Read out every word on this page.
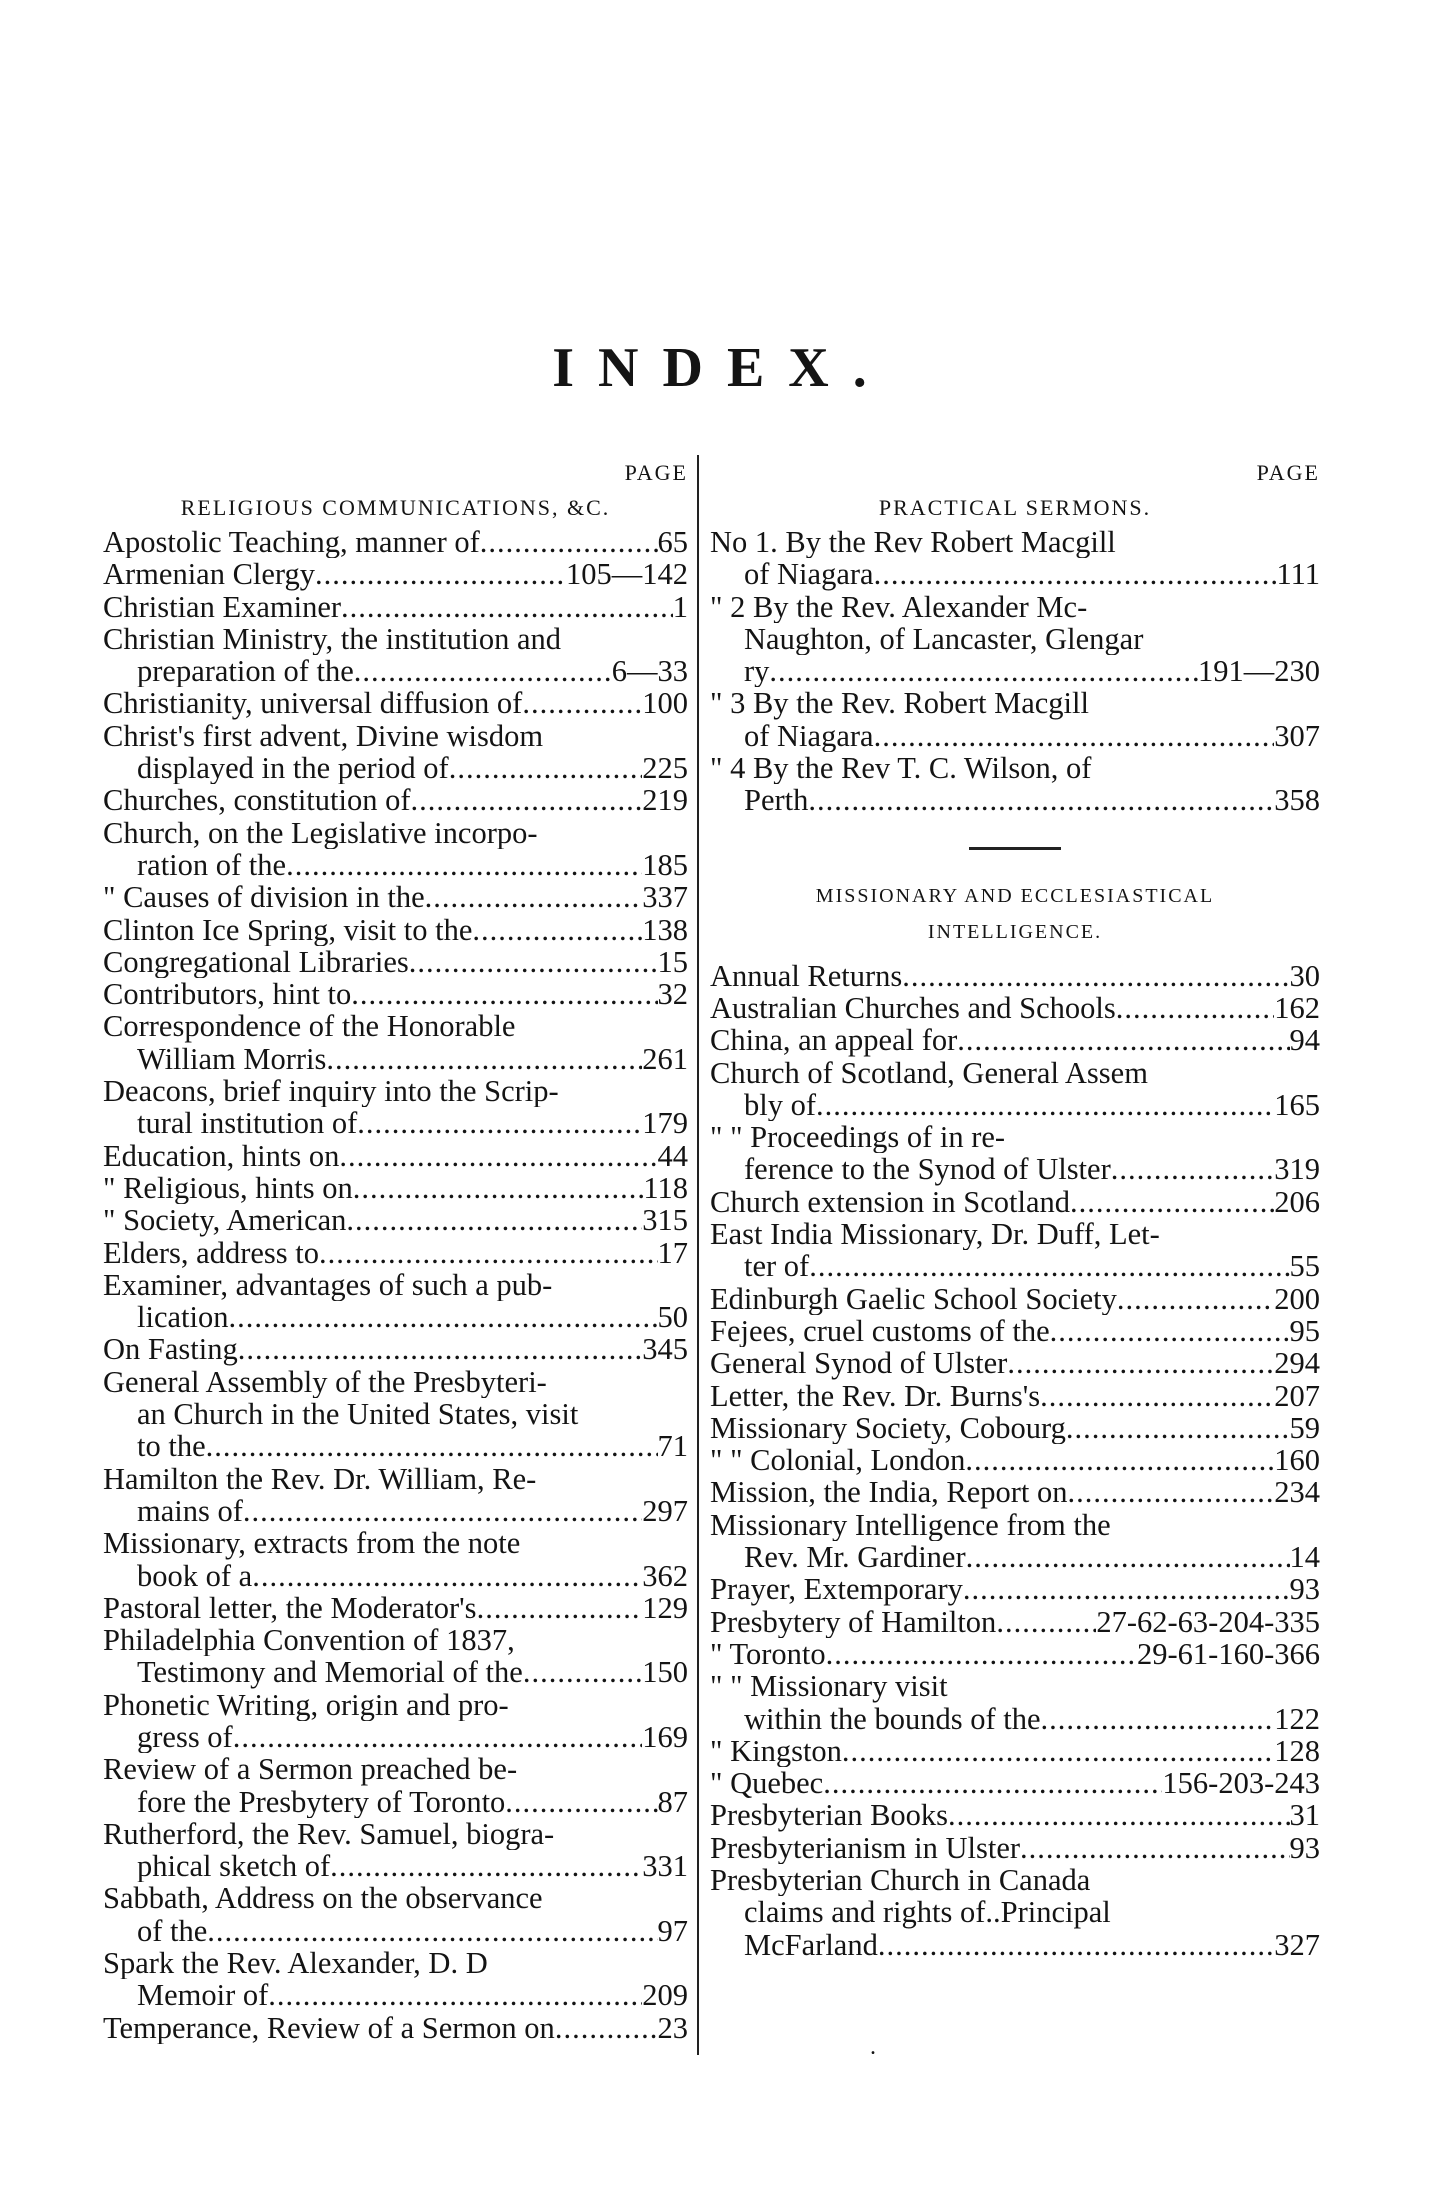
INDEX.
PAGE
RELIGIOUS COMMUNICATIONS, &C.
Apostolic Teaching, manner of .....	65
Armenian Clergy .....	105—142
Christian Examiner .....	1
Christian Ministry, the institution and
preparation of the .....	6—33
Christianity, universal diffusion of .....	100
Christ's first advent, Divine wisdom
displayed in the period of .....	225
Churches, constitution of .....	219
Church, on the Legislative incorpo-
ration of the .....	185
" Causes of division in the .....	337
Clinton Ice Spring, visit to the .....	138
Congregational Libraries .....	15
Contributors, hint to .....	32
Correspondence of the Honorable
William Morris .....	261
Deacons, brief inquiry into the Scrip-
tural institution of .....	179
Education, hints on .....	44
" Religious, hints on .....	118
" Society, American .....	315
Elders, address to .....	17
Examiner, advantages of such a pub-
lication .....	50
On Fasting .....	345
General Assembly of the Presbyteri-
an Church in the United States, visit
to the .....	71
Hamilton the Rev. Dr. William, Re-
mains of .....	297
Missionary, extracts from the note
book of a .....	362
Pastoral letter, the Moderator's .....	129
Philadelphia Convention of 1837,
Testimony and Memorial of the .....	150
Phonetic Writing, origin and pro-
gress of .....	169
Review of a Sermon preached be-
fore the Presbytery of Toronto .....	87
Rutherford, the Rev. Samuel, biogra-
phical sketch of .....	331
Sabbath, Address on the observance
of the .....	97
Spark the Rev. Alexander, D. D
Memoir of .....	209
Temperance, Review of a Sermon on .....	23
PAGE
PRACTICAL SERMONS.
No 1. By the Rev Robert Macgill
of Niagara .....	111
" 2 By the Rev. Alexander Mc-
Naughton, of Lancaster, Glengar
ry .....	191—230
" 3 By the Rev. Robert Macgill
of Niagara .....	307
" 4 By the Rev T. C. Wilson, of
Perth .....	358
MISSIONARY AND ECCLESIASTICAL
INTELLIGENCE.
Annual Returns .....	30
Australian Churches and Schools .....	162
China, an appeal for .....	94
Church of Scotland, General Assem
bly of .....	165
" " Proceedings of in re-
ference to the Synod of Ulster .....	319
Church extension in Scotland .....	206
East India Missionary, Dr. Duff, Let-
ter of .....	55
Edinburgh Gaelic School Society .....	200
Fejees, cruel customs of the .....	95
General Synod of Ulster .....	294
Letter, the Rev. Dr. Burns's .....	207
Missionary Society, Cobourg .....	59
" " Colonial, London .....	160
Mission, the India, Report on .....	234
Missionary Intelligence from the
Rev. Mr. Gardiner .....	14
Prayer, Extemporary .....	93
Presbytery of Hamilton .....	27-62-63-204-335
" Toronto .....	29-61-160-366
" " Missionary visit
within the bounds of the .....	122
" Kingston .....	128
" Quebec .....	156-203-243
Presbyterian Books .....	31
Presbyterianism in Ulster .....	93
Presbyterian Church in Canada
claims and rights of..Principal
McFarland .....	327
.
